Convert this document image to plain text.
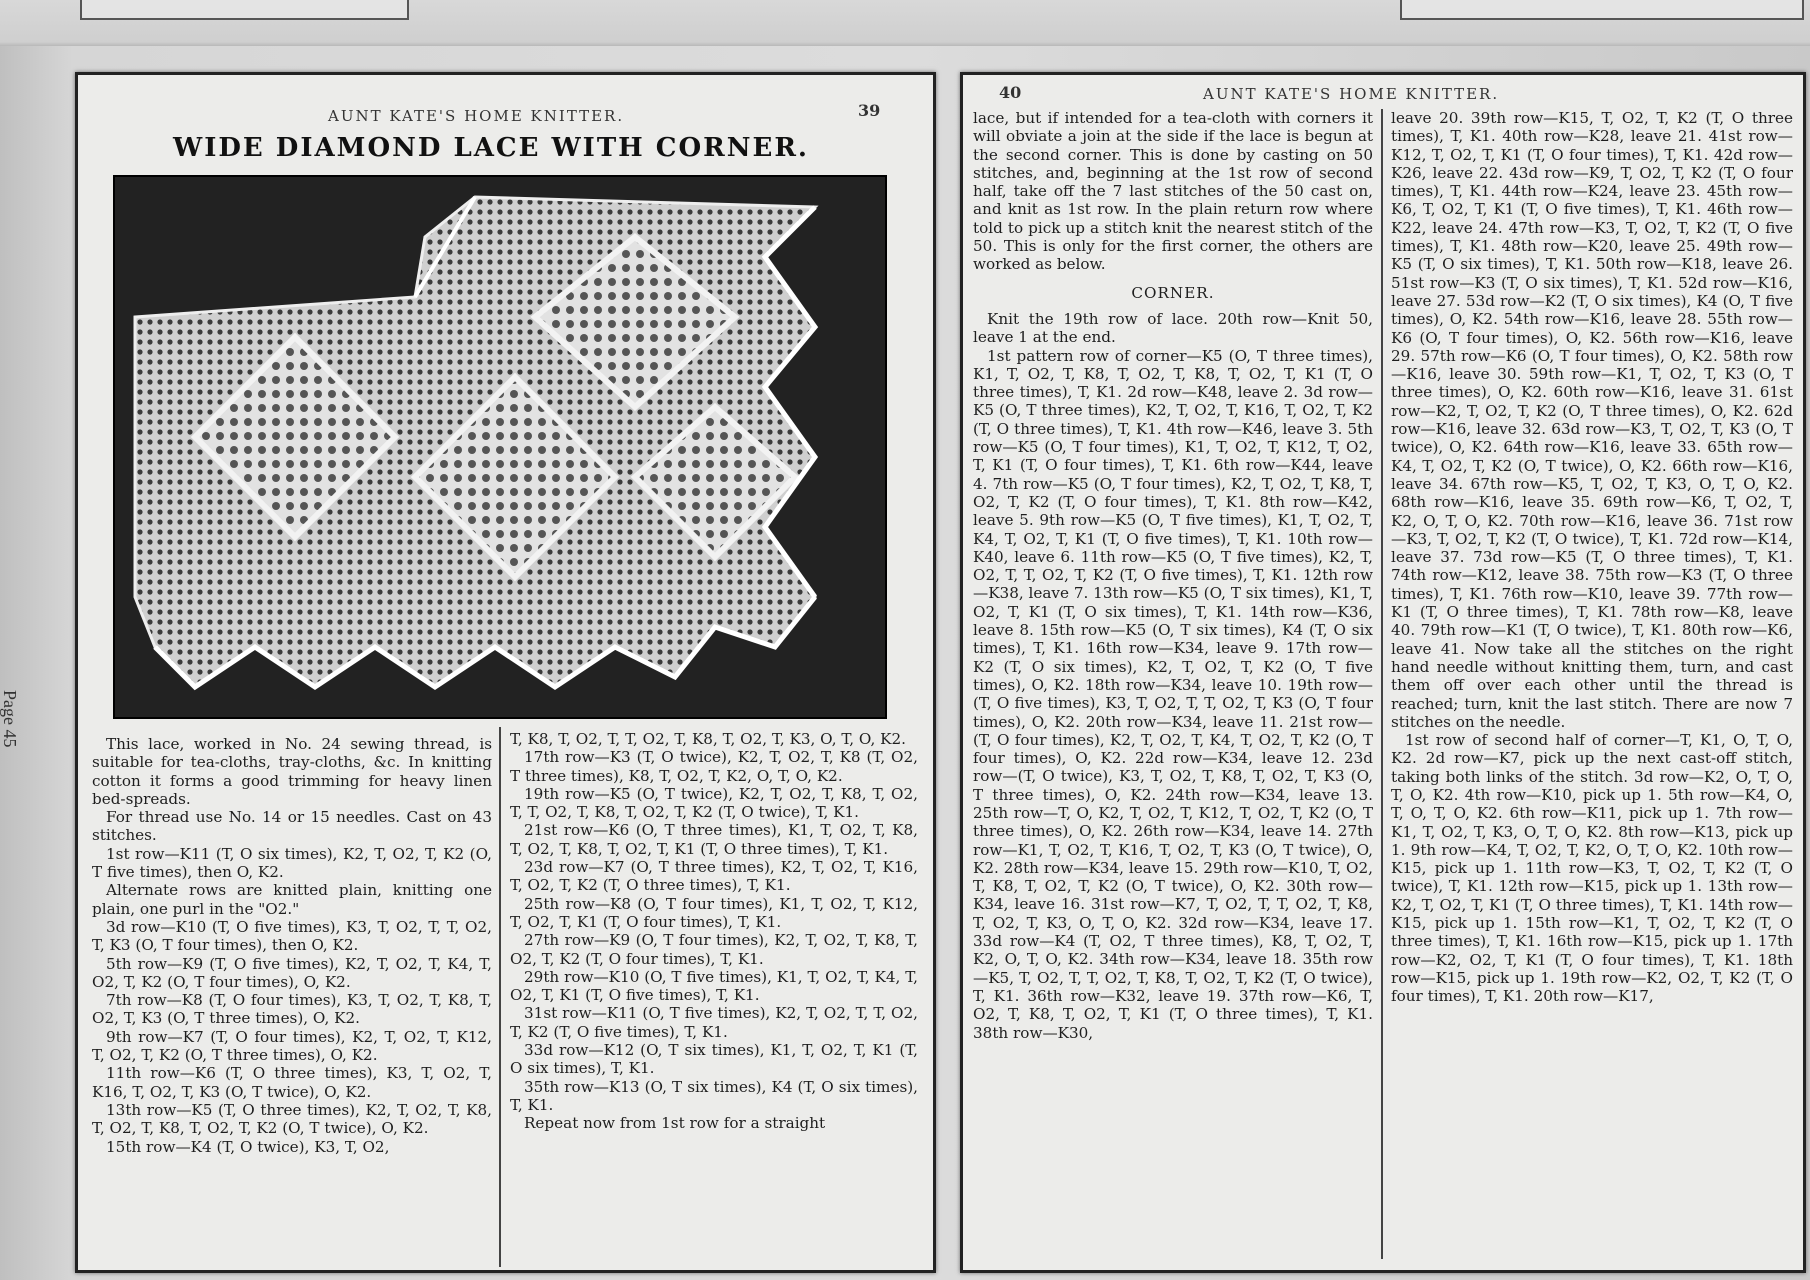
Page 45
AUNT KATE'S HOME KNITTER.	39
WIDE DIAMOND LACE WITH CORNER.

This lace, worked in No. 24 sewing thread, is suitable for tea-cloths, tray-cloths, &c. In knitting cotton it forms a good trimming for heavy linen bed-spreads.

For thread use No. 14 or 15 needles. Cast on 43 stitches.

1st row—K11 (T, O six times), K2, T, O2, T, K2 (O, T five times), then O, K2.

Alternate rows are knitted plain, knitting one plain, one purl in the "O2."

3d row—K10 (T, O five times), K3, T, O2, T, T, O2, T, K3 (O, T four times), then O, K2.

5th row—K9 (T, O five times), K2, T, O2, T, K4, T, O2, T, K2 (O, T four times), O, K2.

7th row—K8 (T, O four times), K3, T, O2, T, K8, T, O2, T, K3 (O, T three times), O, K2.

9th row—K7 (T, O four times), K2, T, O2, T, K12, T, O2, T, K2 (O, T three times), O, K2.

11th row—K6 (T, O three times), K3, T, O2, T, K16, T, O2, T, K3 (O, T twice), O, K2.

13th row—K5 (T, O three times), K2, T, O2, T, K8, T, O2, T, K8, T, O2, T, K2 (O, T twice), O, K2.

15th row—K4 (T, O twice), K3, T, O2,

T, K8, T, O2, T, T, O2, T, K8, T, O2, T, K3, O, T, O, K2.

17th row—K3 (T, O twice), K2, T, O2, T, K8 (T, O2, T three times), K8, T, O2, T, K2, O, T, O, K2.

19th row—K5 (O, T twice), K2, T, O2, T, K8, T, O2, T, T, O2, T, K8, T, O2, T, K2 (T, O twice), T, K1.

21st row—K6 (O, T three times), K1, T, O2, T, K8, T, O2, T, K8, T, O2, T, K1 (T, O three times), T, K1.

23d row—K7 (O, T three times), K2, T, O2, T, K16, T, O2, T, K2 (T, O three times), T, K1.

25th row—K8 (O, T four times), K1, T, O2, T, K12, T, O2, T, K1 (T, O four times), T, K1.

27th row—K9 (O, T four times), K2, T, O2, T, K8, T, O2, T, K2 (T, O four times), T, K1.

29th row—K10 (O, T five times), K1, T, O2, T, K4, T, O2, T, K1 (T, O five times), T, K1.

31st row—K11 (O, T five times), K2, T, O2, T, T, O2, T, K2 (T, O five times), T, K1.

33d row—K12 (O, T six times), K1, T, O2, T, K1 (T, O six times), T, K1.

35th row—K13 (O, T six times), K4 (T, O six times), T, K1.

Repeat now from 1st row for a straight

40	AUNT KATE'S HOME KNITTER.

lace, but if intended for a tea-cloth with corners it will obviate a join at the side if the lace is begun at the second corner. This is done by casting on 50 stitches, and, beginning at the 1st row of second half, take off the 7 last stitches of the 50 cast on, and knit as 1st row. In the plain return row where told to pick up a stitch knit the nearest stitch of the 50. This is only for the first corner, the others are worked as below.

CORNER.

Knit the 19th row of lace. 20th row—Knit 50, leave 1 at the end.

1st pattern row of corner—K5 (O, T three times), K1, T, O2, T, K8, T, O2, T, K8, T, O2, T, K1 (T, O three times), T, K1. 2d row—K48, leave 2. 3d row—K5 (O, T three times), K2, T, O2, T, K16, T, O2, T, K2 (T, O three times), T, K1. 4th row—K46, leave 3. 5th row—K5 (O, T four times), K1, T, O2, T, K12, T, O2, T, K1 (T, O four times), T, K1. 6th row—K44, leave 4. 7th row—K5 (O, T four times), K2, T, O2, T, K8, T, O2, T, K2 (T, O four times), T, K1. 8th row—K42, leave 5. 9th row—K5 (O, T five times), K1, T, O2, T, K4, T, O2, T, K1 (T, O five times), T, K1. 10th row—K40, leave 6. 11th row—K5 (O, T five times), K2, T, O2, T, T, O2, T, K2 (T, O five times), T, K1. 12th row—K38, leave 7. 13th row—K5 (O, T six times), K1, T, O2, T, K1 (T, O six times), T, K1. 14th row—K36, leave 8. 15th row—K5 (O, T six times), K4 (T, O six times), T, K1. 16th row—K34, leave 9. 17th row—K2 (T, O six times), K2, T, O2, T, K2 (O, T five times), O, K2. 18th row—K34, leave 10. 19th row—(T, O five times), K3, T, O2, T, T, O2, T, K3 (O, T four times), O, K2. 20th row—K34, leave 11. 21st row—(T, O four times), K2, T, O2, T, K4, T, O2, T, K2 (O, T four times), O, K2. 22d row—K34, leave 12. 23d row—(T, O twice), K3, T, O2, T, K8, T, O2, T, K3 (O, T three times), O, K2. 24th row—K34, leave 13. 25th row—T, O, K2, T, O2, T, K12, T, O2, T, K2 (O, T three times), O, K2. 26th row—K34, leave 14. 27th row—K1, T, O2, T, K16, T, O2, T, K3 (O, T twice), O, K2. 28th row—K34, leave 15. 29th row—K10, T, O2, T, K8, T, O2, T, K2 (O, T twice), O, K2. 30th row—K34, leave 16. 31st row—K7, T, O2, T, T, O2, T, K8, T, O2, T, K3, O, T, O, K2. 32d row—K34, leave 17. 33d row—K4 (T, O2, T three times), K8, T, O2, T, K2, O, T, O, K2. 34th row—K34, leave 18. 35th row—K5, T, O2, T, T, O2, T, K8, T, O2, T, K2 (T, O twice), T, K1. 36th row—K32, leave 19. 37th row—K6, T, O2, T, K8, T, O2, T, K1 (T, O three times), T, K1. 38th row—K30,

leave 20. 39th row—K15, T, O2, T, K2 (T, O three times), T, K1. 40th row—K28, leave 21. 41st row—K12, T, O2, T, K1 (T, O four times), T, K1. 42d row—K26, leave 22. 43d row—K9, T, O2, T, K2 (T, O four times), T, K1. 44th row—K24, leave 23. 45th row—K6, T, O2, T, K1 (T, O five times), T, K1. 46th row—K22, leave 24. 47th row—K3, T, O2, T, K2 (T, O five times), T, K1. 48th row—K20, leave 25. 49th row—K5 (T, O six times), T, K1. 50th row—K18, leave 26. 51st row—K3 (T, O six times), T, K1. 52d row—K16, leave 27. 53d row—K2 (T, O six times), K4 (O, T five times), O, K2. 54th row—K16, leave 28. 55th row—K6 (O, T four times), O, K2. 56th row—K16, leave 29. 57th row—K6 (O, T four times), O, K2. 58th row—K16, leave 30. 59th row—K1, T, O2, T, K3 (O, T three times), O, K2. 60th row—K16, leave 31. 61st row—K2, T, O2, T, K2 (O, T three times), O, K2. 62d row—K16, leave 32. 63d row—K3, T, O2, T, K3 (O, T twice), O, K2. 64th row—K16, leave 33. 65th row—K4, T, O2, T, K2 (O, T twice), O, K2. 66th row—K16, leave 34. 67th row—K5, T, O2, T, K3, O, T, O, K2. 68th row—K16, leave 35. 69th row—K6, T, O2, T, K2, O, T, O, K2. 70th row—K16, leave 36. 71st row—K3, T, O2, T, K2 (T, O twice), T, K1. 72d row—K14, leave 37. 73d row—K5 (T, O three times), T, K1. 74th row—K12, leave 38. 75th row—K3 (T, O three times), T, K1. 76th row—K10, leave 39. 77th row—K1 (T, O three times), T, K1. 78th row—K8, leave 40. 79th row—K1 (T, O twice), T, K1. 80th row—K6, leave 41. Now take all the stitches on the right hand needle without knitting them, turn, and cast them off over each other until the thread is reached; turn, knit the last stitch. There are now 7 stitches on the needle.

1st row of second half of corner—T, K1, O, T, O, K2. 2d row—K7, pick up the next cast-off stitch, taking both links of the stitch. 3d row—K2, O, T, O, T, O, K2. 4th row—K10, pick up 1. 5th row—K4, O, T, O, T, O, K2. 6th row—K11, pick up 1. 7th row—K1, T, O2, T, K3, O, T, O, K2. 8th row—K13, pick up 1. 9th row—K4, T, O2, T, K2, O, T, O, K2. 10th row—K15, pick up 1. 11th row—K3, T, O2, T, K2 (T, O twice), T, K1. 12th row—K15, pick up 1. 13th row—K2, T, O2, T, K1 (T, O three times), T, K1. 14th row—K15, pick up 1. 15th row—K1, T, O2, T, K2 (T, O three times), T, K1. 16th row—K15, pick up 1. 17th row—K2, O2, T, K1 (T, O four times), T, K1. 18th row—K15, pick up 1. 19th row—K2, O2, T, K2 (T, O four times), T, K1. 20th row—K17,
